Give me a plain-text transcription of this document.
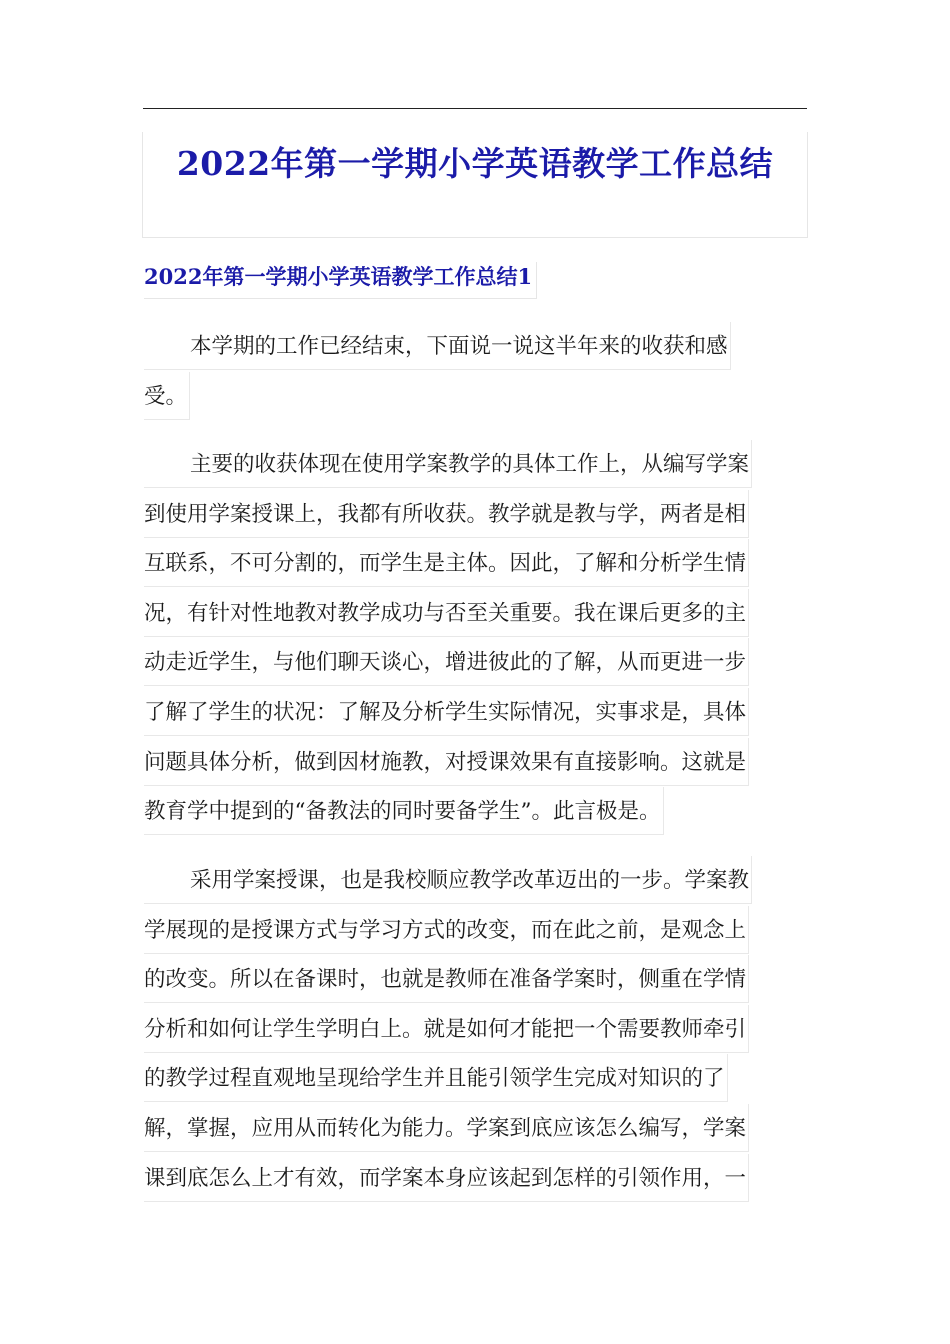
2022年第一学期小学英语教学工作总结
2022年第一学期小学英语教学工作总结1
本学期的工作已经结束，下面说一说这半年来的收获和感
受。
主要的收获体现在使用学案教学的具体工作上，从编写学案
到使用学案授课上，我都有所收获。教学就是教与学，两者是相
互联系，不可分割的，而学生是主体。因此，了解和分析学生情
况，有针对性地教对教学成功与否至关重要。我在课后更多的主
动走近学生，与他们聊天谈心，增进彼此的了解，从而更进一步
了解了学生的状况：了解及分析学生实际情况，实事求是，具体
问题具体分析，做到因材施教，对授课效果有直接影响。这就是
教育学中提到的“备教法的同时要备学生”。此言极是。
采用学案授课，也是我校顺应教学改革迈出的一步。学案教
学展现的是授课方式与学习方式的改变，而在此之前，是观念上
的改变。所以在备课时，也就是教师在准备学案时，侧重在学情
分析和如何让学生学明白上。就是如何才能把一个需要教师牵引
的教学过程直观地呈现给学生并且能引领学生完成对知识的了
解，掌握，应用从而转化为能力。学案到底应该怎么编写，学案
课到底怎么上才有效，而学案本身应该起到怎样的引领作用，一
